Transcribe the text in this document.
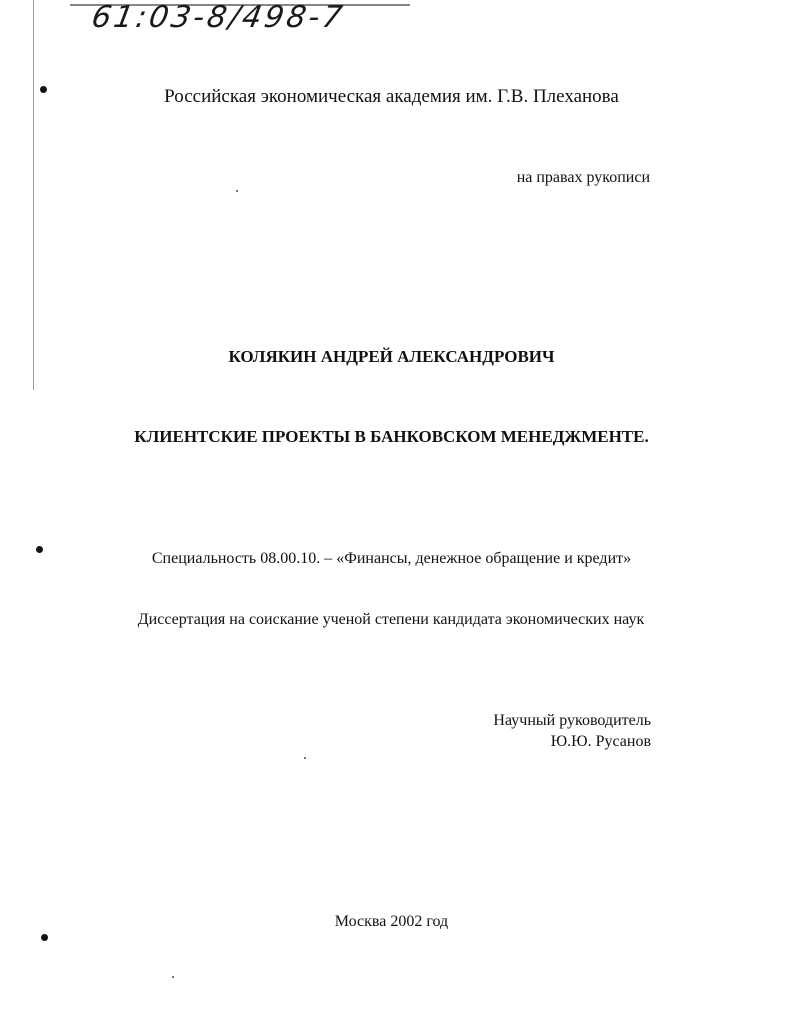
61:03-8/498-7
Российская экономическая академия им. Г.В. Плеханова
на правах рукописи
КОЛЯКИН АНДРЕЙ АЛЕКСАНДРОВИЧ
КЛИЕНТСКИЕ ПРОЕКТЫ В БАНКОВСКОМ МЕНЕДЖМЕНТЕ.
Специальность 08.00.10. – «Финансы, денежное обращение и кредит»
Диссертация на соискание ученой степени кандидата экономических наук
Научный руководитель
Ю.Ю. Русанов
Москва 2002 год
